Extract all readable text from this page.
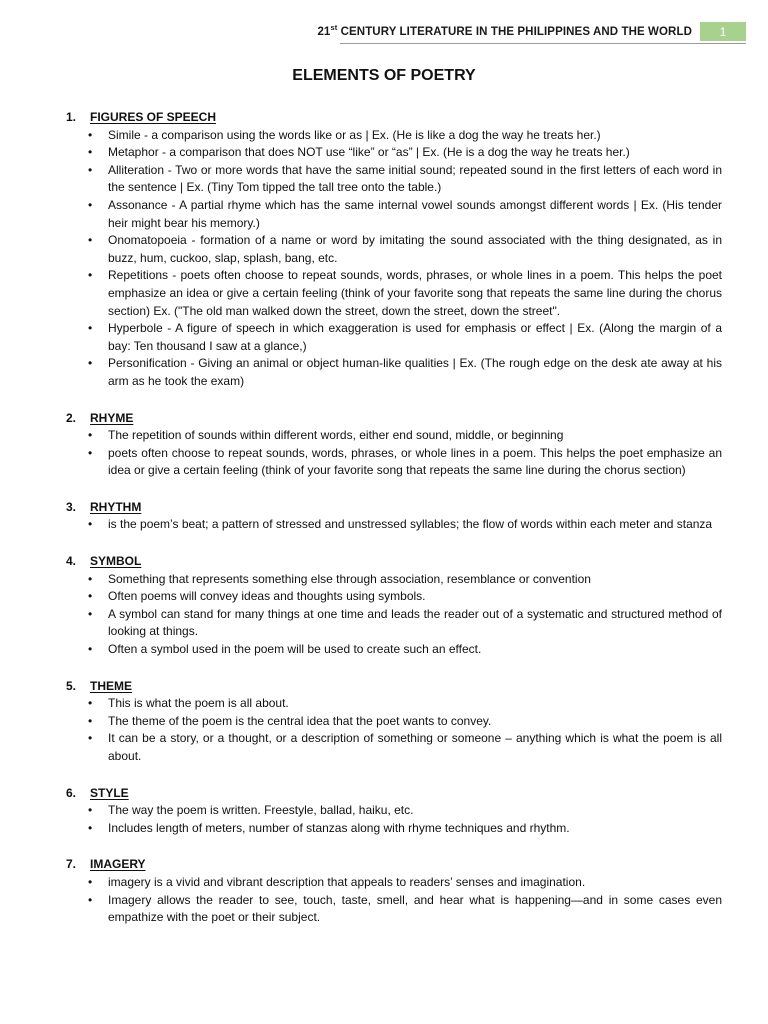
21st CENTURY LITERATURE IN THE PHILIPPINES AND THE WORLD	1
ELEMENTS OF POETRY
1.	FIGURES OF SPEECH
•	Simile - a comparison using the words like or as | Ex. (He is like a dog the way he treats her.)
•	Metaphor - a comparison that does NOT use “like” or “as” | Ex. (He is a dog the way he treats her.)
•	Alliteration - Two or more words that have the same initial sound; repeated sound in the first letters of each word in the sentence | Ex. (Tiny Tom tipped the tall tree onto the table.)
•	Assonance - A partial rhyme which has the same internal vowel sounds amongst different words | Ex. (His tender heir might bear his memory.)
•	Onomatopoeia - formation of a name or word by imitating the sound associated with the thing designated, as in buzz, hum, cuckoo, slap, splash, bang, etc.
•	Repetitions - poets often choose to repeat sounds, words, phrases, or whole lines in a poem. This helps the poet emphasize an idea or give a certain feeling (think of your favorite song that repeats the same line during the chorus section) Ex. ("The old man walked down the street, down the street, down the street".
•	Hyperbole - A figure of speech in which exaggeration is used for emphasis or effect | Ex. (Along the margin of a bay: Ten thousand I saw at a glance,)
•	Personification - Giving an animal or object human-like qualities | Ex. (The rough edge on the desk ate away at his arm as he took the exam)
2.	RHYME
•	The repetition of sounds within different words, either end sound, middle, or beginning
•	poets often choose to repeat sounds, words, phrases, or whole lines in a poem. This helps the poet emphasize an idea or give a certain feeling (think of your favorite song that repeats the same line during the chorus section)
3.	RHYTHM
•	is the poem’s beat; a pattern of stressed and unstressed syllables; the flow of words within each meter and stanza
4.	SYMBOL
•	Something that represents something else through association, resemblance or convention
•	Often poems will convey ideas and thoughts using symbols.
•	A symbol can stand for many things at one time and leads the reader out of a systematic and structured method of looking at things.
•	Often a symbol used in the poem will be used to create such an effect.
5.	THEME
•	This is what the poem is all about.
•	The theme of the poem is the central idea that the poet wants to convey.
•	It can be a story, or a thought, or a description of something or someone – anything which is what the poem is all about.
6.	STYLE
•	The way the poem is written. Freestyle, ballad, haiku, etc.
•	Includes length of meters, number of stanzas along with rhyme techniques and rhythm.
7.	IMAGERY
•	imagery is a vivid and vibrant description that appeals to readers’ senses and imagination.
•	Imagery allows the reader to see, touch, taste, smell, and hear what is happening—and in some cases even empathize with the poet or their subject.
